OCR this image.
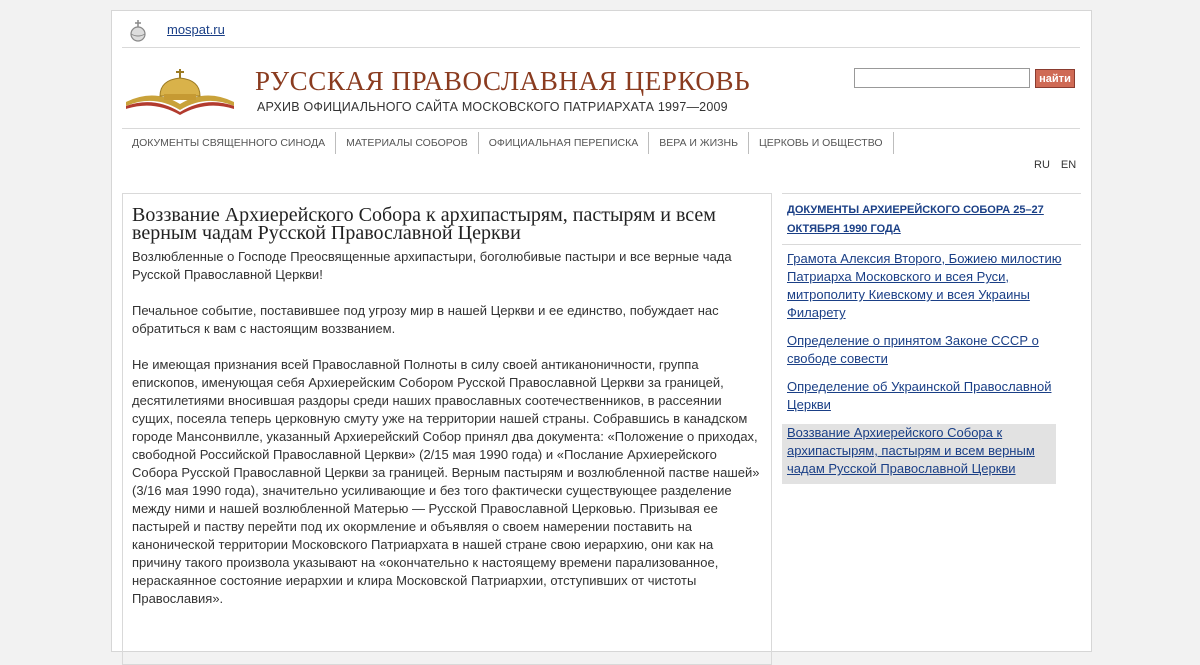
mospat.ru
РУССКАЯ ПРАВОСЛАВНАЯ ЦЕРКОВЬ
АРХИВ ОФИЦИАЛЬНОГО САЙТА МОСКОВСКОГО ПАТРИАРХАТА 1997—2009
найти
ДОКУМЕНТЫ СВЯЩЕННОГО СИНОДА	МАТЕРИАЛЫ СОБОРОВ	ОФИЦИАЛЬНАЯ ПЕРЕПИСКА	ВЕРА И ЖИЗНЬ	ЦЕРКОВЬ И ОБЩЕСТВО
RU EN
Воззвание Архиерейского Собора к архипастырям, пастырям и всем верным чадам Русской Православной Церкви

Возлюбленные о Господе Преосвященные архипастыри, боголюбивые пастыри и все верные чада Русской Православной Церкви!

Печальное событие, поставившее под угрозу мир в нашей Церкви и ее единство, побуждает нас обратиться к вам с настоящим воззванием.

Не имеющая признания всей Православной Полноты в силу своей антиканоничности, группа епископов, именующая себя Архиерейским Собором Русской Православной Церкви за границей, десятилетиями вносившая раздоры среди наших православных соотечественников, в рассеянии сущих, посеяла теперь церковную смуту уже на территории нашей страны. Собравшись в канадском городе Мансонвилле, указанный Архиерейский Собор принял два документа: «Положение о приходах, свободной Российской Православной Церкви» (2/15 мая 1990 года) и «Послание Архиерейского Собора Русской Православной Церкви за границей. Верным пастырям и возлюбленной пастве нашей» (3/16 мая 1990 года), значительно усиливающие и без того фактически существующее разделение между ними и нашей возлюбленной Матерью — Русской Православной Церковью. Призывая ее пастырей и паству перейти под их окормление и объявляя о своем намерении поставить на канонической территории Московского Патриархата в нашей стране свою иерархию, они как на причину такого произвола указывают на «окончательно к настоящему времени парализованное, нераскаянное состояние иерархии и клира Московской Патриархии, отступивших от чистоты Православия».

ДОКУМЕНТЫ АРХИЕРЕЙСКОГО СОБОРА 25–27 ОКТЯБРЯ 1990 ГОДА
Грамота Алексия Второго, Божиею милостию Патриарха Московского и всея Руси, митрополиту Киевскому и всея Украины Филарету
Определение о принятом Законе СССР о свободе совести
Определение об Украинской Православной Церкви
Воззвание Архиерейского Собора к архипастырям, пастырям и всем верным чадам Русской Православной Церкви
